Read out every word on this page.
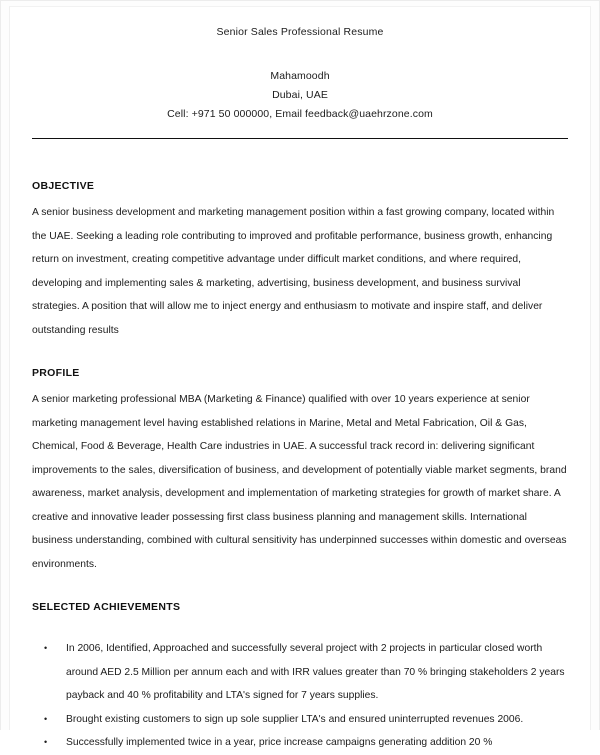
Senior Sales Professional Resume
Mahamoodh
Dubai, UAE
Cell: +971 50 000000, Email feedback@uaehrzone.com
OBJECTIVE

A senior business development and marketing management position within a fast growing company, located within the UAE. Seeking a leading role contributing to improved and profitable performance, business growth, enhancing return on investment, creating competitive advantage under difficult market conditions, and where required, developing and implementing sales & marketing, advertising, business development, and business survival strategies. A position that will allow me to inject energy and enthusiasm to motivate and inspire staff, and deliver outstanding results

PROFILE

A senior marketing professional MBA (Marketing & Finance) qualified with over 10 years experience at senior marketing management level having established relations in Marine, Metal and Metal Fabrication, Oil & Gas, Chemical, Food & Beverage, Health Care industries in UAE. A successful track record in: delivering significant improvements to the sales, diversification of business, and development of potentially viable market segments, brand awareness, market analysis, development and implementation of marketing strategies for growth of market share. A creative and innovative leader possessing first class business planning and management skills. International business understanding, combined with cultural sensitivity has underpinned successes within domestic and overseas environments.

SELECTED ACHIEVEMENTS
• In 2006, Identified, Approached and successfully several project with 2 projects in particular closed worth around AED 2.5 Million per annum each and with IRR values greater than 70 % bringing stakeholders 2 years payback and 40 % profitability and LTA's signed for 7 years supplies.
• Brought existing customers to sign up sole supplier LTA's and ensured uninterrupted revenues 2006.
• Successfully implemented twice in a year, price increase campaigns generating addition 20 %
